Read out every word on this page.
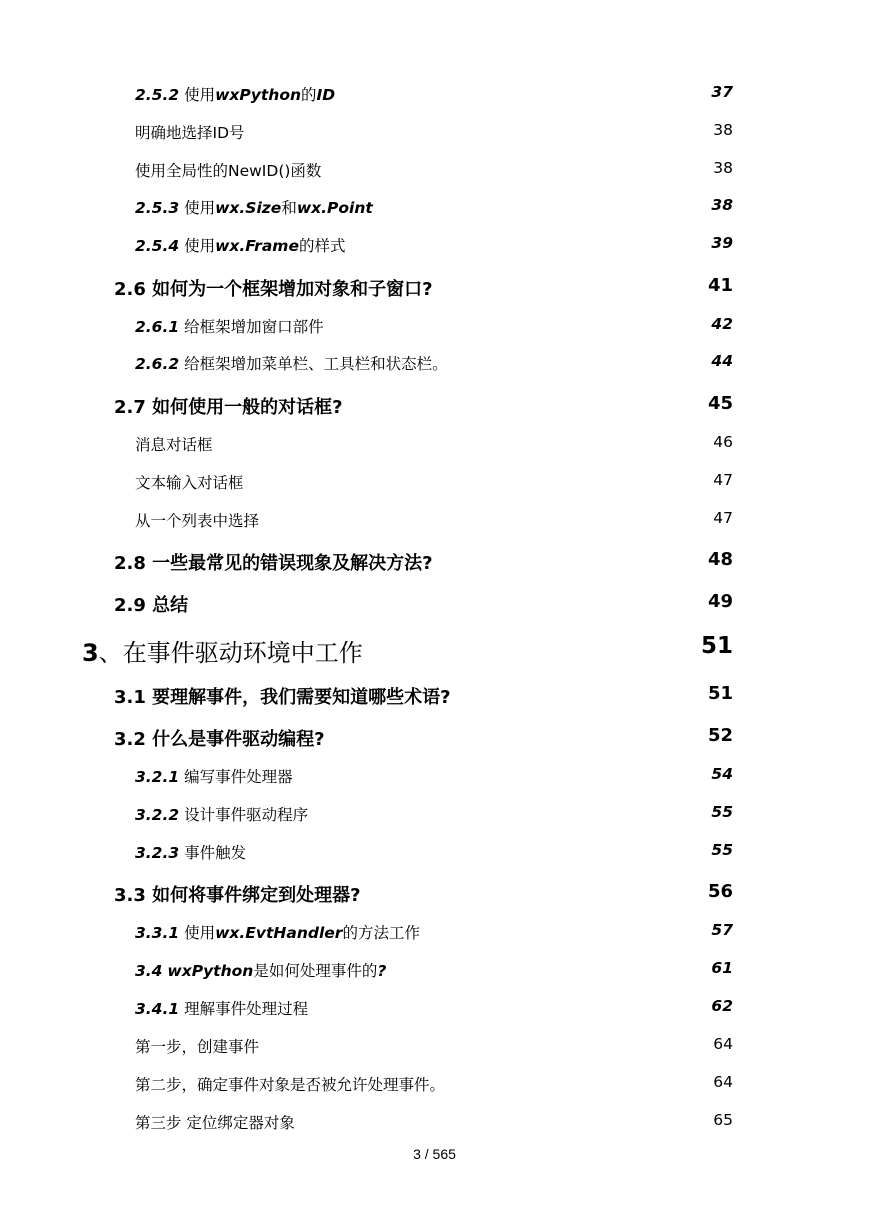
2.5.2 使用wxPython的ID	37
明确地选择ID号	38
使用全局性的NewID()函数	38
2.5.3 使用wx.Size和wx.Point	38
2.5.4 使用wx.Frame的样式	39
2.6 如何为一个框架增加对象和子窗口?	41
2.6.1 给框架增加窗口部件	42
2.6.2 给框架增加菜单栏、工具栏和状态栏。	44
2.7 如何使用一般的对话框?	45
消息对话框	46
文本输入对话框	47
从一个列表中选择	47
2.8 一些最常见的错误现象及解决方法?	48
2.9 总结	49
3、在事件驱动环境中工作	51
3.1 要理解事件，我们需要知道哪些术语?	51
3.2 什么是事件驱动编程?	52
3.2.1 编写事件处理器	54
3.2.2 设计事件驱动程序	55
3.2.3 事件触发	55
3.3 如何将事件绑定到处理器?	56
3.3.1 使用wx.EvtHandler的方法工作	57
3.4 wxPython是如何处理事件的?	61
3.4.1 理解事件处理过程	62
第一步，创建事件	64
第二步，确定事件对象是否被允许处理事件。	64
第三步 定位绑定器对象	65
3 / 565
